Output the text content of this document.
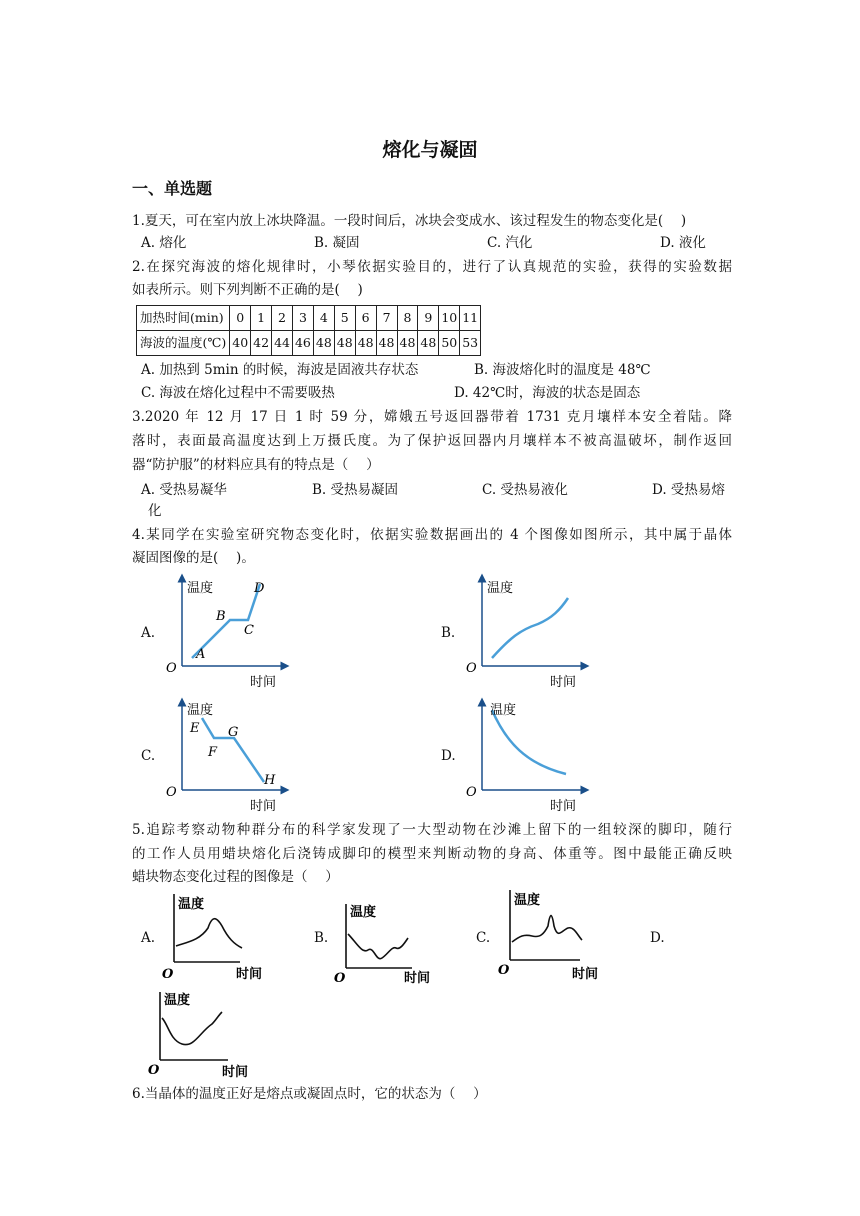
熔化与凝固
一、单选题
1.夏天，可在室内放上冰块降温。一段时间后，冰块会变成水、该过程发生的物态变化是(　 )
A. 熔化	B. 凝固	C. 汽化	D. 液化
2.在探究海波的熔化规律时，小琴依据实验目的，进行了认真规范的实验，获得的实验数据
如表所示。则下列判断不正确的是(　 )
加热时间(min)	0	1	2	3	4	5	6	7	8	9	10	11
海波的温度(℃)	40	42	44	46	48	48	48	48	48	48	50	53
A. 加热到 5min 的时候，海波是固液共存状态	B. 海波熔化时的温度是 48℃
C. 海波在熔化过程中不需要吸热	D. 42℃时，海波的状态是固态
3.2020 年 12 月 17 日 1 时 59 分，嫦娥五号返回器带着 1731 克月壤样本安全着陆。降
落时，表面最高温度达到上万摄氏度。为了保护返回器内月壤样本不被高温破坏，制作返回
器“防护服”的材料应具有的特点是（　 ）
A. 受热易凝华	B. 受热易凝固	C. 受热易液化	D. 受热易熔
化
4.某同学在实验室研究物态变化时，依据实验数据画出的 4 个图像如图所示，其中属于晶体
凝固图像的是(　 )。
A.	B.
C.	D.
温度
时间
O
A
B
C
D	温度
时间
O
温度
时间
O
E
F
G
H
温度
时间
O
5.追踪考察动物种群分布的科学家发现了一大型动物在沙滩上留下的一组较深的脚印，随行
的工作人员用蜡块熔化后浇铸成脚印的模型来判断动物的身高、体重等。图中最能正确反映
蜡块物态变化过程的图像是（　 ）
A.	B.	C.	D.
温度
时间
O
温度
时间
O
温度
时间
O
温度
时间
O
6.当晶体的温度正好是熔点或凝固点时，它的状态为（　 ）
